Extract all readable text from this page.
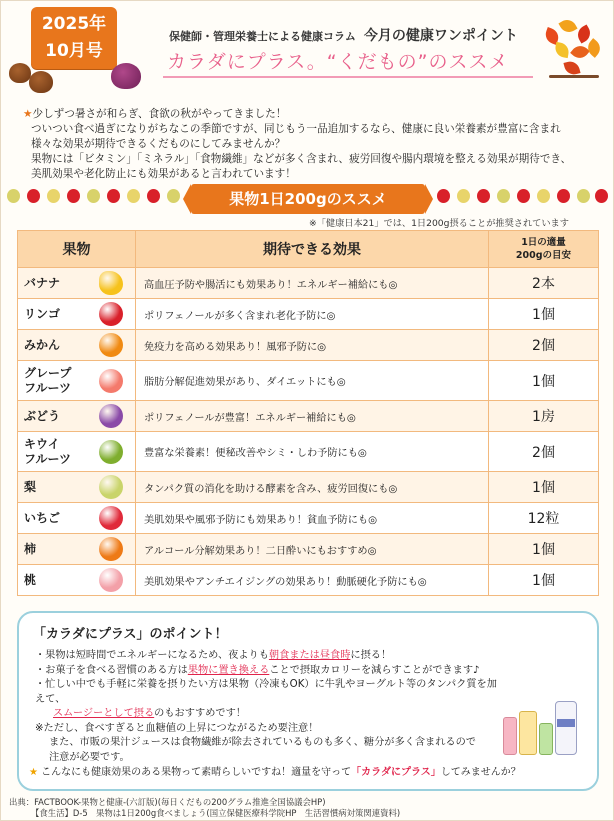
2025年
10月号
保健師・管理栄養士による健康コラム 今月の健康ワンポイント
カラダにプラス。“くだもの”のススメ

★少しずつ暑さが和らぎ、食欲の秋がやってきました！

ついつい食べ過ぎになりがちなこの季節ですが、同じもう一品追加するなら、健康に良い栄養素が豊富に含まれ

様々な効果が期待できるくだものにしてみませんか？

果物には「ビタミン」「ミネラル」「食物繊維」などが多く含まれ、疲労回復や腸内環境を整える効果が期待でき、

美肌効果や老化防止にも効果があると言われています！

果物1日200gのススメ
※「健康日本21」では、1日200g摂ることが推奨されています
果物	期待できる効果	1日の適量
200gの目安

バナナ	高血圧予防や腸活にも効果あり！エネルギー補給にも◎	2本

リンゴ	ポリフェノールが多く含まれ老化予防に◎	1個

みかん	免疫力を高める効果あり！風邪予防に◎	2個

グレープ
フルーツ	脂肪分解促進効果があり、ダイエットにも◎	1個

ぶどう	ポリフェノールが豊富！エネルギー補給にも◎	1房

キウイ
フルーツ	豊富な栄養素！便秘改善やシミ・しわ予防にも◎	2個

梨	タンパク質の消化を助ける酵素を含み、疲労回復にも◎	1個

いちご	美肌効果や風邪予防にも効果あり！貧血予防にも◎	12粒

柿	アルコール分解効果あり！二日酔いにもおすすめ◎	1個

桃	美肌効果やアンチエイジングの効果あり！動脈硬化予防にも◎	1個
「カラダにプラス」のポイント！
・果物は短時間でエネルギーになるため、夜よりも朝食または昼食時に摂る！
・お菓子を食べる習慣のある方は果物に置き換えることで摂取カロリーを減らすことができます♪
・忙しい中でも手軽に栄養を摂りたい方は果物（冷凍もOK）に牛乳やヨーグルト等のタンパク質を加えて、
スムージーとして摂るのもおすすめです！
※ただし、食べすぎると血糖値の上昇につながるため要注意！
また、市販の果汁ジュースは食物繊維が除去されているものも多く、糖分が多く含まれるので
注意が必要です。
★ こんなにも健康効果のある果物って素晴らしいですね！適量を守って「カラダにプラス」してみませんか？
出典：FACTBOOK-果物と健康-(六訂版)(毎日くだもの200グラム推進全国協議会HP)
【食生活】D-5　果物は1日200g食べましょう(国立保健医療科学院HP　生活習慣病対策関連資料)
